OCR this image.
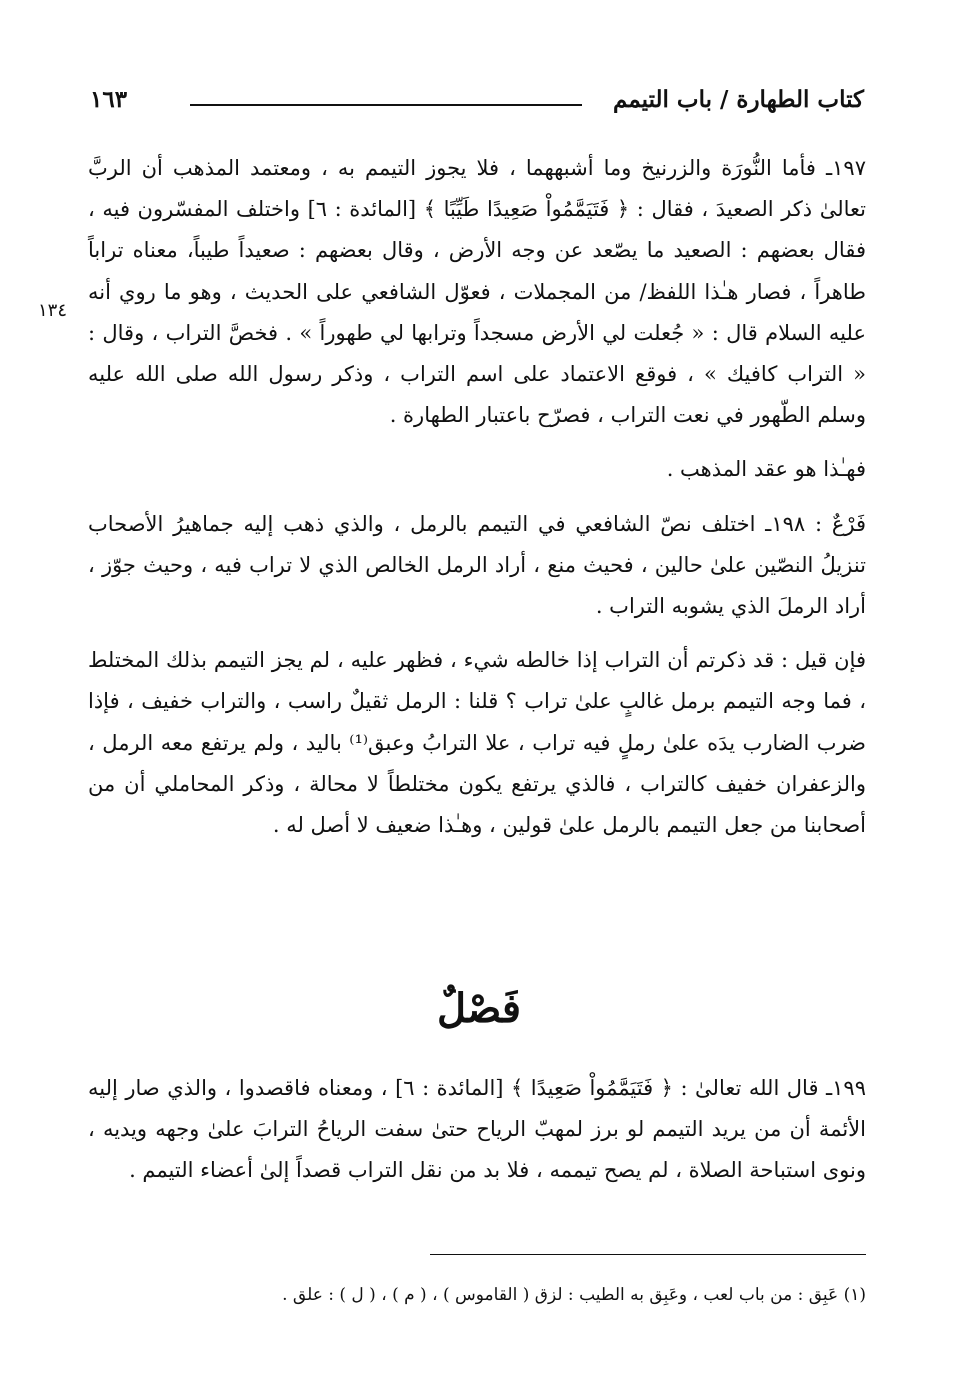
كتاب الطهارة / باب التيمم
١٦٣
١٣٤

١٩٧ـ فأما النُّورَة والزرنيخ وما أشبههما ، فلا يجوز التيمم به ، ومعتمد المذهب أن الربَّ تعالىٰ ذكر الصعيدَ ، فقال : ﴿ فَتَيَمَّمُواْ صَعِيدًا طَيِّبًا ﴾ [المائدة : ٦] واختلف المفسّرون فيه ، فقال بعضهم : الصعيد ما يصّعد عن وجه الأرض ، وقال بعضهم : صعيداً طيباً، معناه تراباً طاهراً ، فصار هـٰذا اللفظ/ من المجملات ، فعوّل الشافعي على الحديث ، وهو ما روي أنه عليه السلام قال : « جُعلت لي الأرض مسجداً وترابها لي طهوراً » . فخصَّ التراب ، وقال : « التراب كافيك » ، فوقع الاعتماد على اسم التراب ، وذكر رسول الله صلى الله عليه وسلم الطّهور في نعت التراب ، فصرّح باعتبار الطهارة .

فهـٰذا هو عقد المذهب .

فَرْعٌ : ١٩٨ـ اختلف نصّ الشافعي في التيمم بالرمل ، والذي ذهب إليه جماهيرُ الأصحاب تنزيلُ النصّين علىٰ حالين ، فحيث منع ، أراد الرمل الخالص الذي لا تراب فيه ، وحيث جوّز ، أراد الرملَ الذي يشوبه التراب .

فإن قيل : قد ذكرتم أن التراب إذا خالطه شيء ، فظهر عليه ، لم يجز التيمم بذلك المختلط ، فما وجه التيمم برمل غالبٍ علىٰ تراب ؟ قلنا : الرمل ثقيلٌ راسب ، والتراب خفيف ، فإذا ضرب الضارب يدَه علىٰ رملٍ فيه تراب ، علا الترابُ وعبق⁽¹⁾ باليد ، ولم يرتفع معه الرمل ، والزعفران خفيف كالتراب ، فالذي يرتفع يكون مختلطاً لا محالة ، وذكر المحاملي أن من أصحابنا من جعل التيمم بالرمل علىٰ قولين ، وهـٰذا ضعيف لا أصل له .

فَصْلٌ

١٩٩ـ قال الله تعالىٰ : ﴿ فَتَيَمَّمُواْ صَعِيدًا ﴾ [المائدة : ٦] ، ومعناه فاقصدوا ، والذي صار إليه الأئمة أن من يريد التيمم لو برز لمهبّ الرياح حتىٰ سفت الرياحُ الترابَ علىٰ وجهه ويديه ، ونوى استباحة الصلاة ، لم يصح تيممه ، فلا بد من نقل التراب قصداً إلىٰ أعضاء التيمم .

(١) عَبِق : من باب لعب ، وعَبِق به الطيب : لزق ( القاموس ) ، ( م ) ، ( ل ) : علق .
